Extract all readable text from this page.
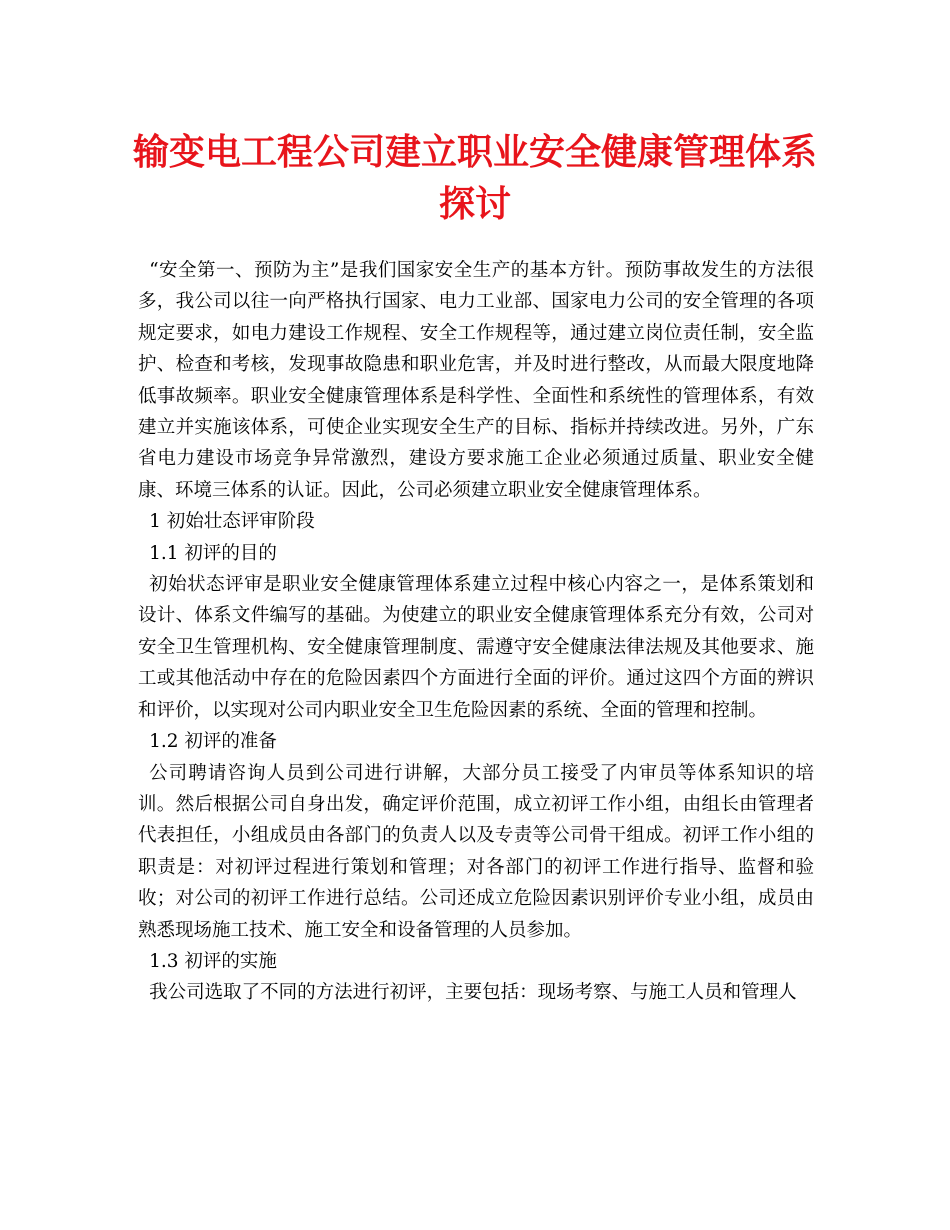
输变电工程公司建立职业安全健康管理体系
探讨

“安全第一、预防为主”是我们国家安全生产的基本方针。预防事故发生的方法很多，我公司以往一向严格执行国家、电力工业部、国家电力公司的安全管理的各项规定要求，如电力建设工作规程、安全工作规程等，通过建立岗位责任制，安全监护、检查和考核，发现事故隐患和职业危害，并及时进行整改，从而最大限度地降低事故频率。职业安全健康管理体系是科学性、全面性和系统性的管理体系，有效建立并实施该体系，可使企业实现安全生产的目标、指标并持续改进。另外，广东省电力建设市场竞争异常激烈，建设方要求施工企业必须通过质量、职业安全健康、环境三体系的认证。因此，公司必须建立职业安全健康管理体系。

1 初始壮态评审阶段

1.1 初评的目的

初始状态评审是职业安全健康管理体系建立过程中核心内容之一，是体系策划和设计、体系文件编写的基础。为使建立的职业安全健康管理体系充分有效，公司对安全卫生管理机构、安全健康管理制度、需遵守安全健康法律法规及其他要求、施工或其他活动中存在的危险因素四个方面进行全面的评价。通过这四个方面的辨识和评价，以实现对公司内职业安全卫生危险因素的系统、全面的管理和控制。

1.2 初评的准备

公司聘请咨询人员到公司进行讲解，大部分员工接受了内审员等体系知识的培训。然后根据公司自身出发，确定评价范围，成立初评工作小组，由组长由管理者代表担任，小组成员由各部门的负责人以及专责等公司骨干组成。初评工作小组的职责是：对初评过程进行策划和管理；对各部门的初评工作进行指导、监督和验收；对公司的初评工作进行总结。公司还成立危险因素识别评价专业小组，成员由熟悉现场施工技术、施工安全和设备管理的人员参加。

1.3 初评的实施

我公司选取了不同的方法进行初评，主要包括：现场考察、与施工人员和管理人
